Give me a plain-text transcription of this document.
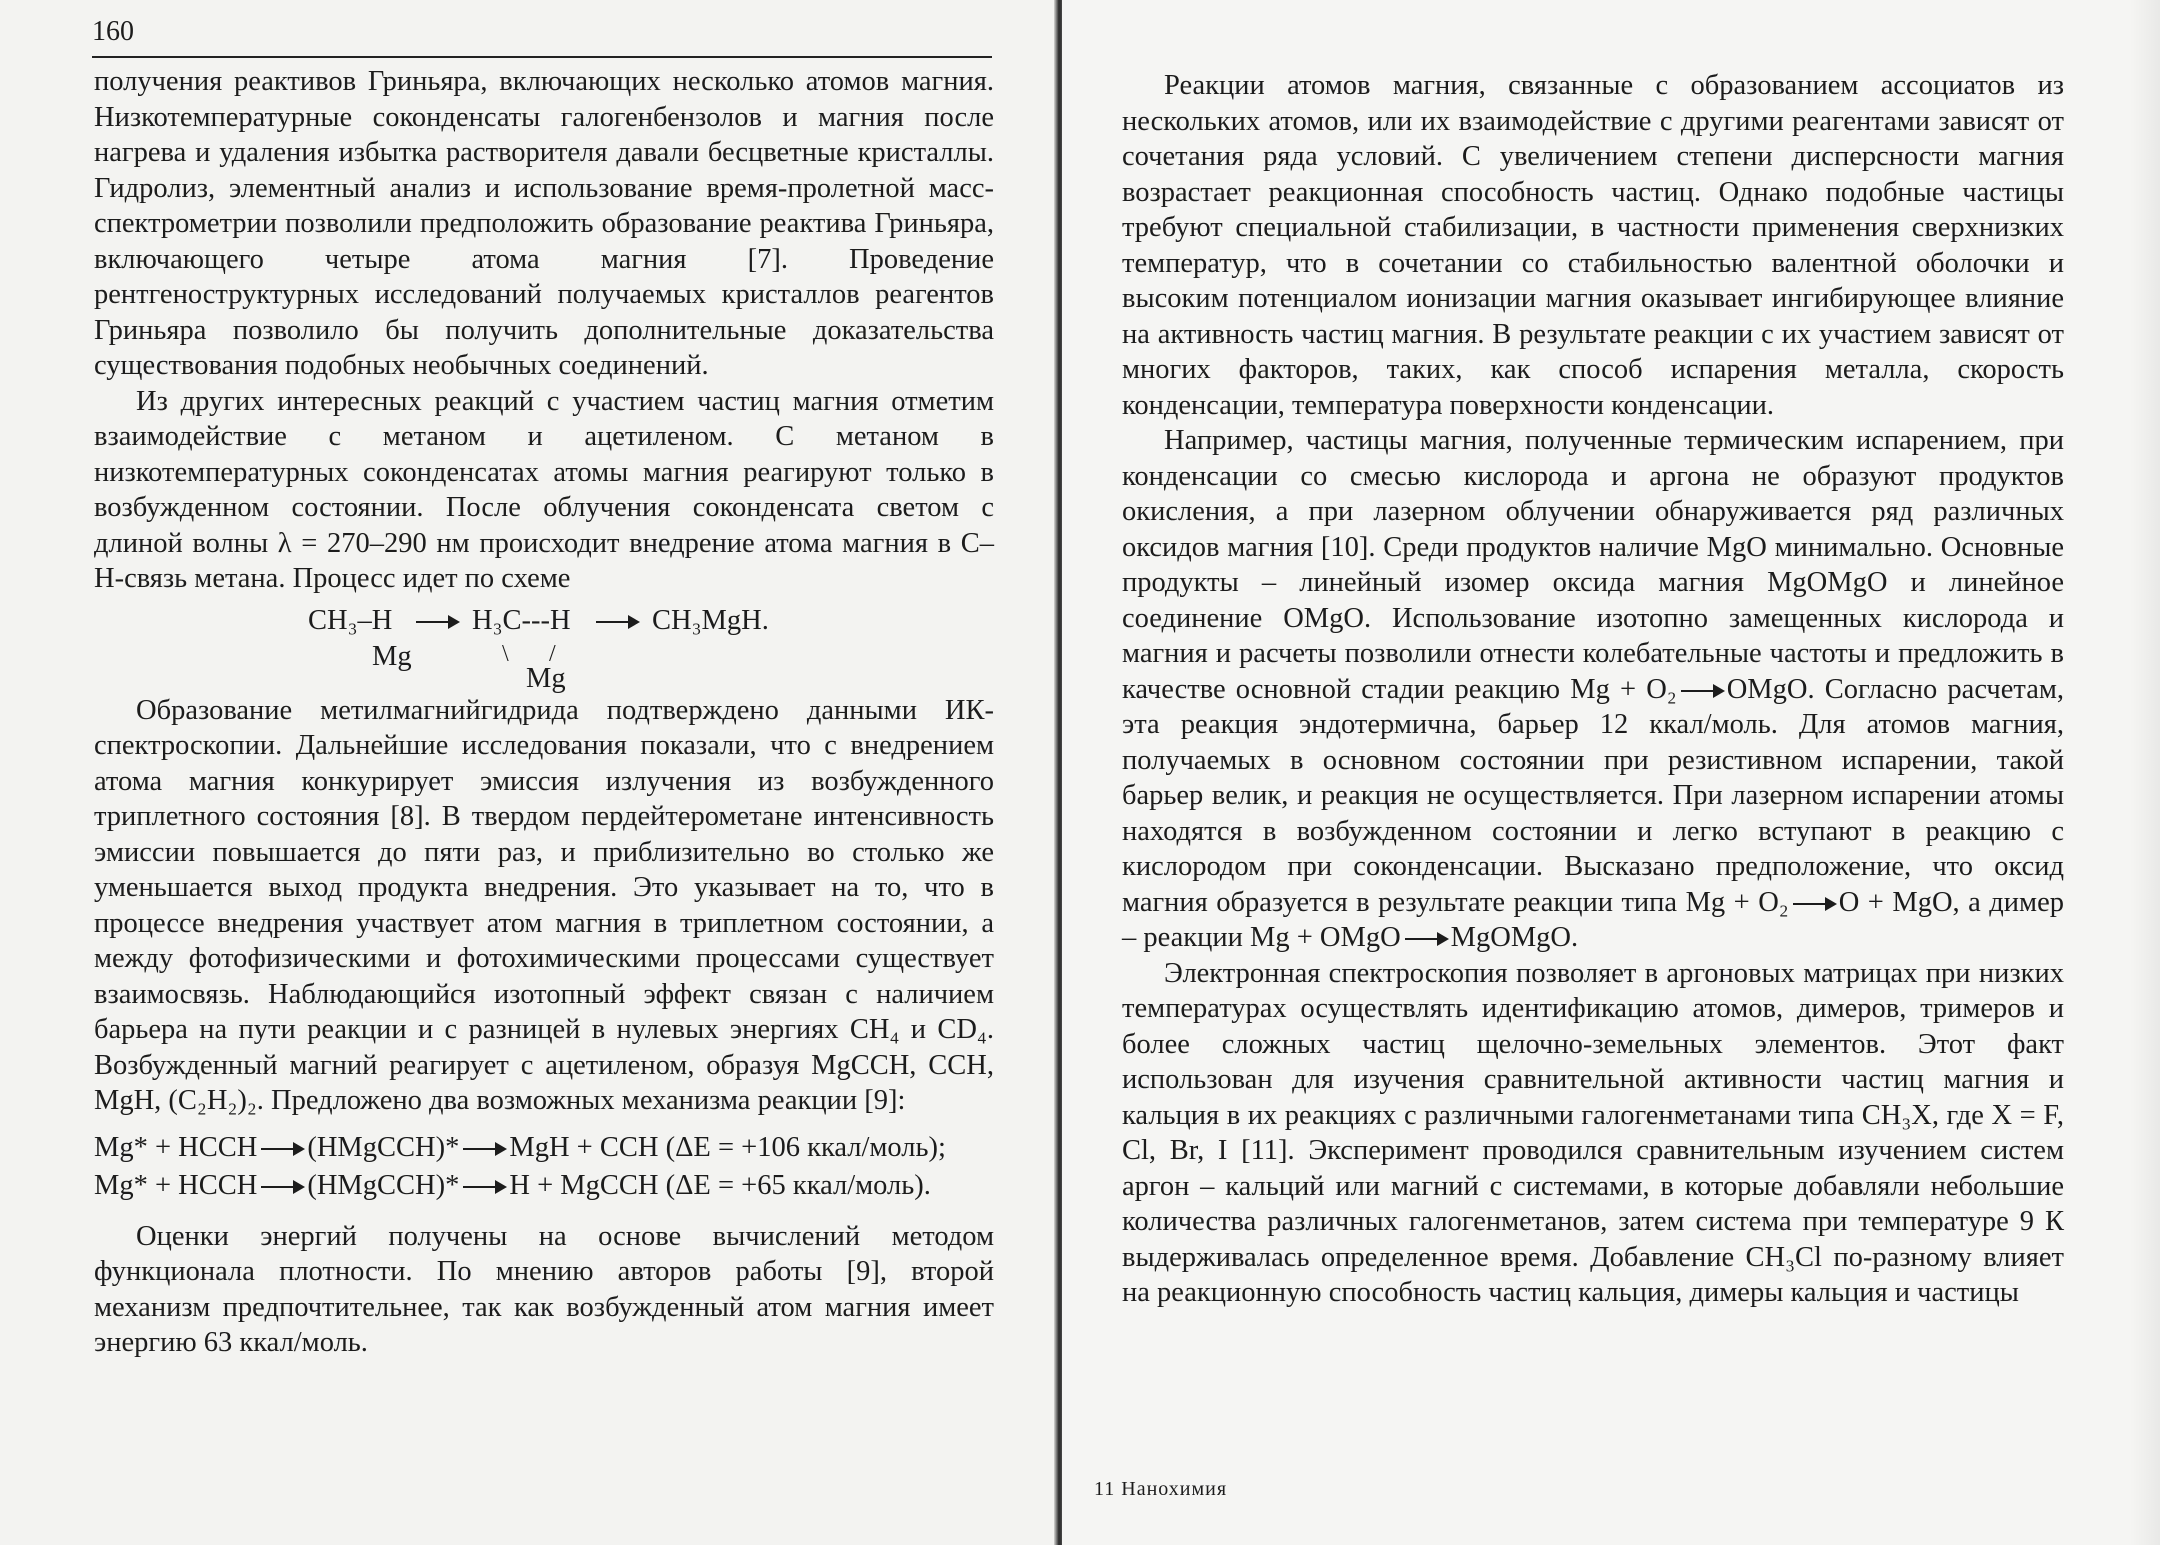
160

получения реактивов Гриньяра, включающих несколько атомов магния. Низкотемпературные соконденсаты галогенбензолов и магния после нагрева и удаления избытка растворителя давали бесцветные кристаллы. Гидролиз, элементный анализ и использование время-пролетной масс-спектрометрии позволили предположить образование реактива Гриньяра, включающего четыре атома магния [7]. Проведение рентгеноструктурных исследований получаемых кристаллов реагентов Гриньяра позволило бы получить дополнительные доказательства существования подобных необычных соединений.

Из других интересных реакций с участием частиц магния отметим взаимодействие с метаном и ацетиленом. С метаном в низкотемпературных соконденсатах атомы магния реагируют только в возбужденном состоянии. После облучения соконденсата светом с длиной волны λ = 270–290 нм происходит внедрение атома магния в C–H-связь метана. Процесс идет по схеме

CH₃–H
Mg
H₃C---H
\ /
Mg
CH₃MgH.

Образование метилмагнийгидрида подтверждено данными ИК-спектроскопии. Дальнейшие исследования показали, что с внедрением атома магния конкурирует эмиссия излучения из возбужденного триплетного состояния [8]. В твердом пердейтерометане интенсивность эмиссии повышается до пяти раз, и приблизительно во столько же уменьшается выход продукта внедрения. Это указывает на то, что в процессе внедрения участвует атом магния в триплетном состоянии, а между фотофизическими и фотохимическими процессами существует взаимосвязь. Наблюдающийся изотопный эффект связан с наличием барьера на пути реакции и с разницей в нулевых энергиях CH₄ и CD₄. Возбужденный магний реагирует с ацетиленом, образуя MgCCH, CCH, MgH, (C₂H₂)₂. Предложено два возможных механизма реакции [9]:

Mg* + HCCH (HMgCCH)* MgH + CCH (ΔE = +106 ккал/моль);
Mg* + HCCH (HMgCCH)* H + MgCCH (ΔE = +65 ккал/моль).

Оценки энергий получены на основе вычислений методом функционала плотности. По мнению авторов работы [9], второй механизм предпочтительнее, так как возбужденный атом магния имеет энергию 63 ккал/моль.

Реакции атомов магния, связанные с образованием ассоциатов из нескольких атомов, или их взаимодействие с другими реагентами зависят от сочетания ряда условий. С увеличением степени дисперсности магния возрастает реакционная способность частиц. Однако подобные частицы требуют специальной стабилизации, в частности применения сверхнизких температур, что в сочетании со стабильностью валентной оболочки и высоким потенциалом ионизации магния оказывает ингибирующее влияние на активность частиц магния. В результате реакции с их участием зависят от многих факторов, таких, как способ испарения металла, скорость конденсации, температура поверхности конденсации.

Например, частицы магния, полученные термическим испарением, при конденсации со смесью кислорода и аргона не образуют продуктов окисления, а при лазерном облучении обнаруживается ряд различных оксидов магния [10]. Среди продуктов наличие MgO минимально. Основные продукты – линейный изомер оксида магния MgOMgO и линейное соединение OMgO. Использование изотопно замещенных кислорода и магния и расчеты позволили отнести колебательные частоты и предложить в качестве основной стадии реакцию Mg + O₂ OMgO. Согласно расчетам, эта реакция эндотермична, барьер 12 ккал/моль. Для атомов магния, получаемых в основном состоянии при резистивном испарении, такой барьер велик, и реакция не осуществляется. При лазерном испарении атомы находятся в возбужденном состоянии и легко вступают в реакцию с кислородом при соконденсации. Высказано предположение, что оксид магния образуется в результате реакции типа Mg + O₂ O + MgO, а димер – реакции Mg + OMgO MgOMgO.

Электронная спектроскопия позволяет в аргоновых матрицах при низких температурах осуществлять идентификацию атомов, димеров, тримеров и более сложных частиц щелочно-земельных элементов. Этот факт использован для изучения сравнительной активности частиц магния и кальция в их реакциях с различными галогенметанами типа CH₃X, где X = F, Cl, Br, I [11]. Эксперимент проводился сравнительным изучением систем аргон – кальций или магний с системами, в которые добавляли небольшие количества различных галогенметанов, затем система при температуре 9 К выдерживалась определенное время. Добавление CH₃Cl по-разному влияет на реакционную способность частиц кальция, димеры кальция и частицы

11 Нанохимия
